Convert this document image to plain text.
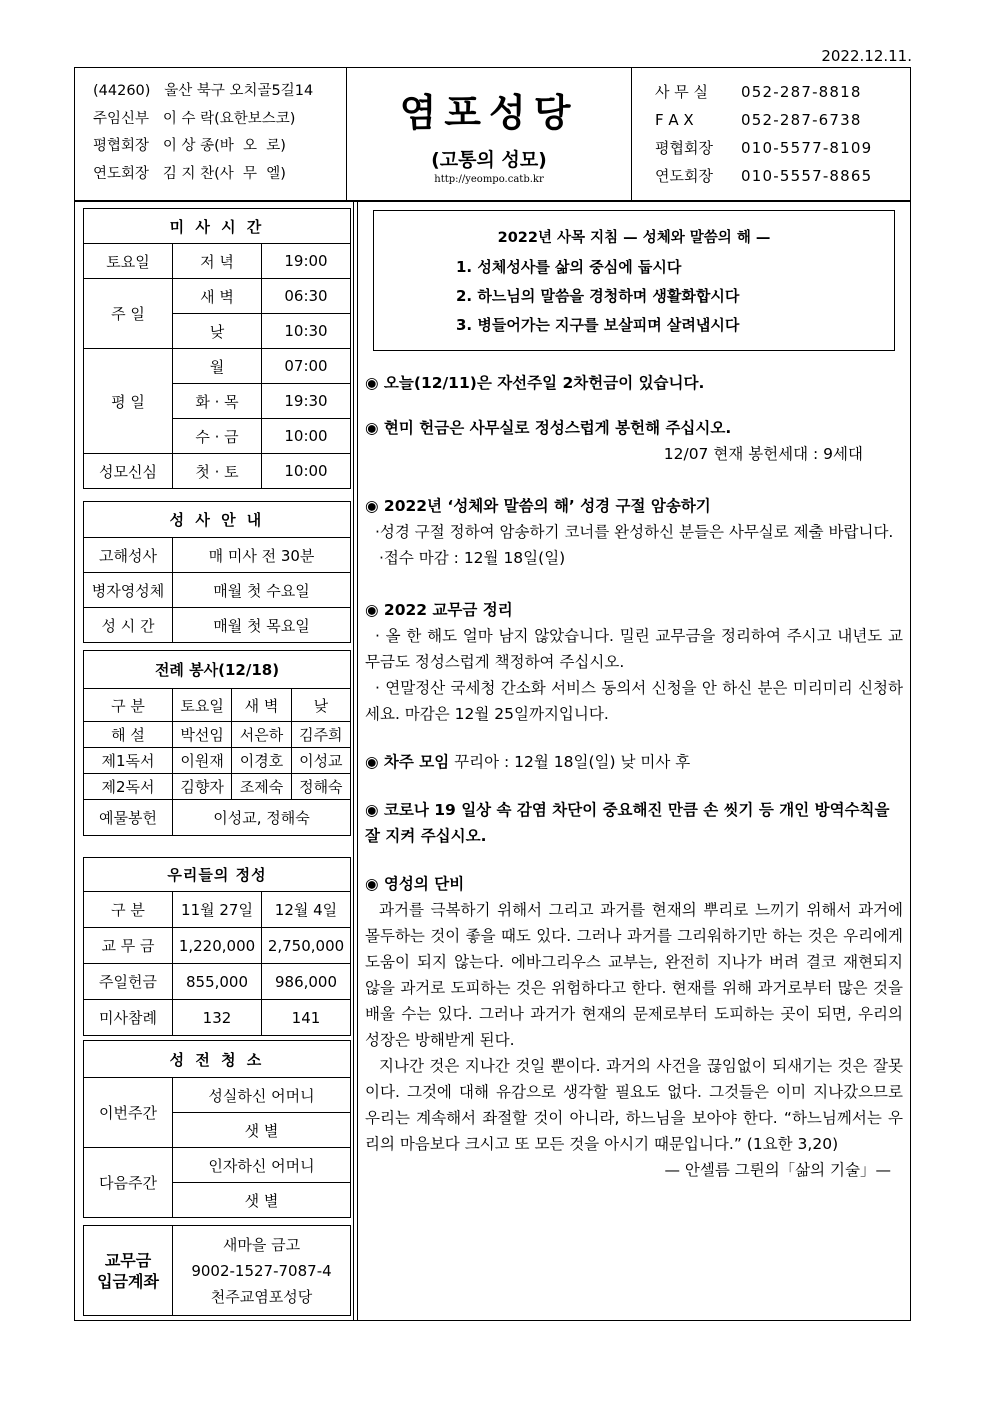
2022.12.11.
(44260)   울산 북구 오치골5길14
주임신부   이 수 락(요한보스코)
평협회장   이 상 종(바  오  로)
연도회장   김 지 찬(사  무  엘)
염포성당
(고통의 성모)
http://yeompo.catb.kr
사 무 실 052-287-8818
F A X	052-287-6738
평협회장 010-5577-8109
연도회장 010-5557-8865
미 사 시 간		
토요일	저 녁	19:00
주 일	새 벽	06:30
	낮	10:30
평 일	월	07:00
	화 · 목	19:30
	수 · 금	10:00
성모신심	첫 · 토	10:00
성 사 안 내	
고해성사	매 미사 전 30분
병자영성체	매월 첫 수요일
성 시 간	매월 첫 목요일
전례 봉사(12/18)			
구 분	토요일	새 벽	낮
해 설	박선임	서은하	김주희
제1독서	이원재	이경호	이성교
제2독서	김향자	조제숙	정해숙
예물봉헌	이성교, 정해숙		
우리들의 정성		
구 분	11월 27일	12월 4일
교 무 금	1,220,000	2,750,000
주일헌금	855,000	986,000
미사참례	132	141
성 전 청 소	
이번주간	성실하신 어머니
	샛 별
다음주간	인자하신 어머니
	샛 별
교무금
입금계좌	새마을 금고
9002-1527-7087-4
천주교염포성당
2022년 사목 지침 — 성체와 말씀의 해 —
1. 성체성사를 삶의 중심에 둡시다
2. 하느님의 말씀을 경청하며 생활화합시다
3. 병들어가는 지구를 보살피며 살려냅시다
◉ 오늘(12/11)은 자선주일 2차헌금이 있습니다.
◉ 현미 헌금은 사무실로 정성스럽게 봉헌해 주십시오.
12/07 현재 봉헌세대 : 9세대
◉ 2022년 ‘성체와 말씀의 해’ 성경 구절 암송하기
·성경 구절 정하여 암송하기 코너를 완성하신 분들은 사무실로 제출 바랍니다.
·접수 마감 : 12월 18일(일)
◉ 2022 교무금 정리
· 올 한 해도 얼마 남지 않았습니다. 밀린 교무금을 정리하여 주시고 내년도 교무금도 정성스럽게 책정하여 주십시오.
· 연말정산 국세청 간소화 서비스 동의서 신청을 안 하신 분은 미리미리 신청하세요. 마감은 12월 25일까지입니다.
◉ 차주 모임 꾸리아 : 12월 18일(일) 낮 미사 후
◉ 코로나 19 일상 속 감염 차단이 중요해진 만큼 손 씻기 등 개인 방역수칙을 잘 지켜 주십시오.
◉ 영성의 단비
과거를 극복하기 위해서 그리고 과거를 현재의 뿌리로 느끼기 위해서 과거에 몰두하는 것이 좋을 때도 있다. 그러나 과거를 그리워하기만 하는 것은 우리에게 도움이 되지 않는다. 에바그리우스 교부는, 완전히 지나가 버려 결코 재현되지 않을 과거로 도피하는 것은 위험하다고 한다. 현재를 위해 과거로부터 많은 것을 배울 수는 있다. 그러나 과거가 현재의 문제로부터 도피하는 곳이 되면, 우리의 성장은 방해받게 된다.
지나간 것은 지나간 것일 뿐이다. 과거의 사건을 끊임없이 되새기는 것은 잘못이다. 그것에 대해 유감으로 생각할 필요도 없다. 그것들은 이미 지나갔으므로 우리는 계속해서 좌절할 것이 아니라, 하느님을 보아야 한다. “하느님께서는 우리의 마음보다 크시고 또 모든 것을 아시기 때문입니다.” (1요한 3,20)
— 안셀름 그륀의「삶의 기술」—
